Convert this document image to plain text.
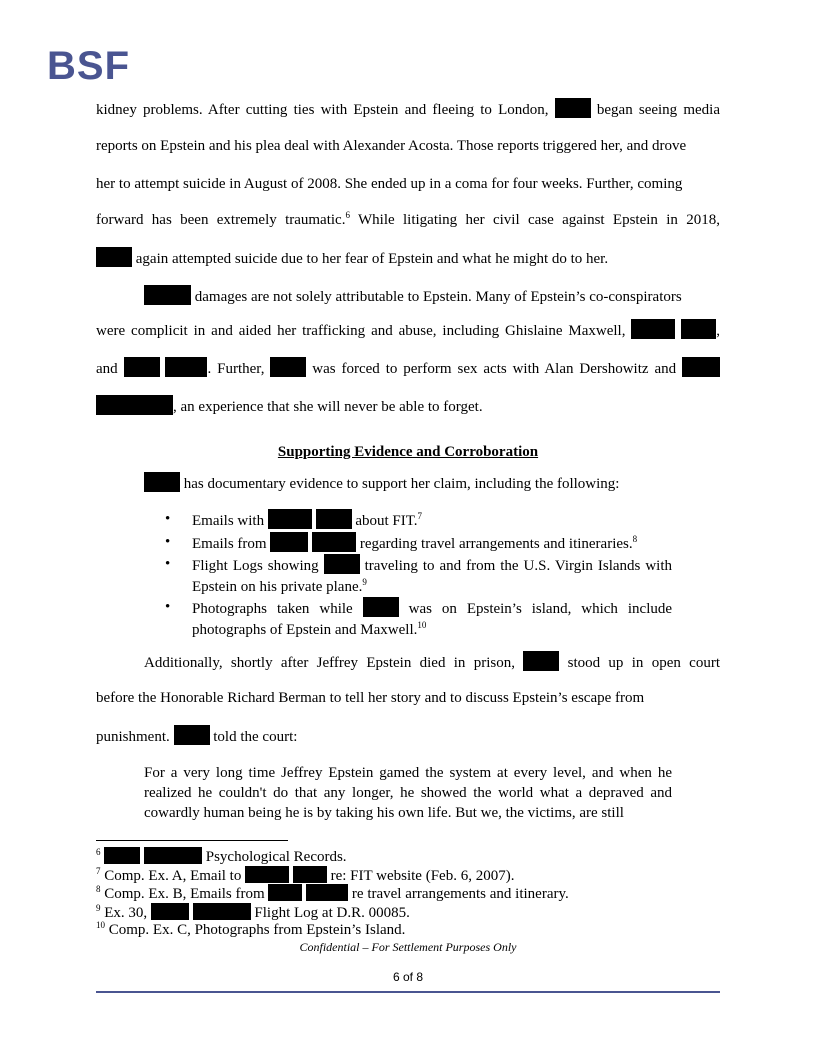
BSF
kidney problems. After cutting ties with Epstein and fleeing to London,	began seeing media
reports on Epstein and his plea deal with Alexander Acosta. Those reports triggered her, and drove
her to attempt suicide in August of 2008. She ended up in a coma for four weeks. Further, coming
forward has been extremely traumatic.$^6$ While litigating her civil case against Epstein in 2018,
again attempted suicide due to her fear of Epstein and what he might do to her.
damages are not solely attributable to Epstein. Many of Epstein’s co-conspirators
were complicit in and aided her trafficking and abuse, including Ghislaine Maxwell,	,
and	. Further,	was forced to perform sex acts with Alan Dershowitz and
, an experience that she will never be able to forget.
Supporting Evidence and Corroboration
has documentary evidence to support her claim, including the following:
• Emails with	about FIT.$^7$
• Emails from	regarding travel arrangements and itineraries.$^8$
• Flight Logs showing	traveling to and from the U.S. Virgin Islands with Epstein on his private plane.$^9$
• Photographs taken while	was on Epstein’s island, which include photographs of Epstein and Maxwell.$^{10}$
Additionally, shortly after Jeffrey Epstein died in prison,	stood up in open court
before the Honorable Richard Berman to tell her story and to discuss Epstein’s escape from
punishment.	told the court:
For a very long time Jeffrey Epstein gamed the system at every level, and when he realized he couldn't do that any longer, he showed the world what a depraved and cowardly human being he is by taking his own life. But we, the victims, are still
$^6$	Psychological Records.
$^7$ Comp. Ex. A, Email to	re: FIT website (Feb. 6, 2007).
$^8$ Comp. Ex. B, Emails from	re travel arrangements and itinerary.
$^9$ Ex. 30,	Flight Log at D.R. 00085.
$^{10}$ Comp. Ex. C, Photographs from Epstein’s Island.
Confidential – For Settlement Purposes Only
6 of 8
